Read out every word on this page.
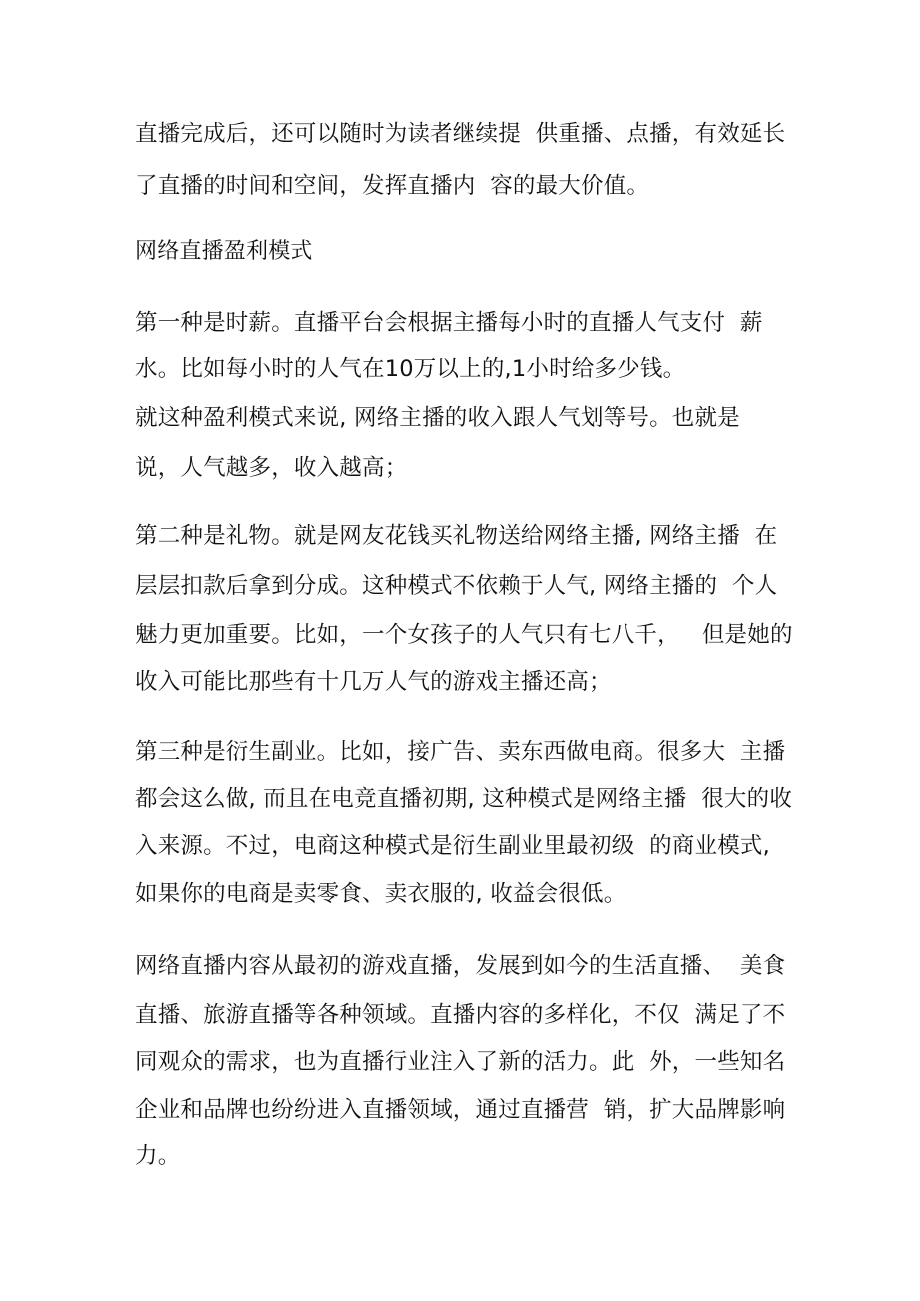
直播完成后，还可以随时为读者继续提  供重播、点播，有效延长
了直播的时间和空间，发挥直播内  容的最大价值。
网络直播盈利模式
第一种是时薪。直播平台会根据主播每小时的直播人气支付  薪
水。比如每小时的人气在10万以上的,1小时给多少钱。
就这种盈利模式来说, 网络主播的收入跟人气划等号。也就是
说，人气越多，收入越高；
第二种是礼物。就是网友花钱买礼物送给网络主播, 网络主播  在
层层扣款后拿到分成。这种模式不依赖于人气, 网络主播的  个人
魅力更加重要。比如，一个女孩子的人气只有七八千，   但是她的
收入可能比那些有十几万人气的游戏主播还高；
第三种是衍生副业。比如，接广告、卖东西做电商。很多大  主播
都会这么做, 而且在电竞直播初期, 这种模式是网络主播  很大的收
入来源。不过，电商这种模式是衍生副业里最初级  的商业模式,
如果你的电商是卖零食、卖衣服的, 收益会很低。
网络直播内容从最初的游戏直播，发展到如今的生活直播、  美食
直播、旅游直播等各种领域。直播内容的多样化，不仅  满足了不
同观众的需求，也为直播行业注入了新的活力。此  外，一些知名
企业和品牌也纷纷进入直播领域，通过直播营  销，扩大品牌影响
力。
